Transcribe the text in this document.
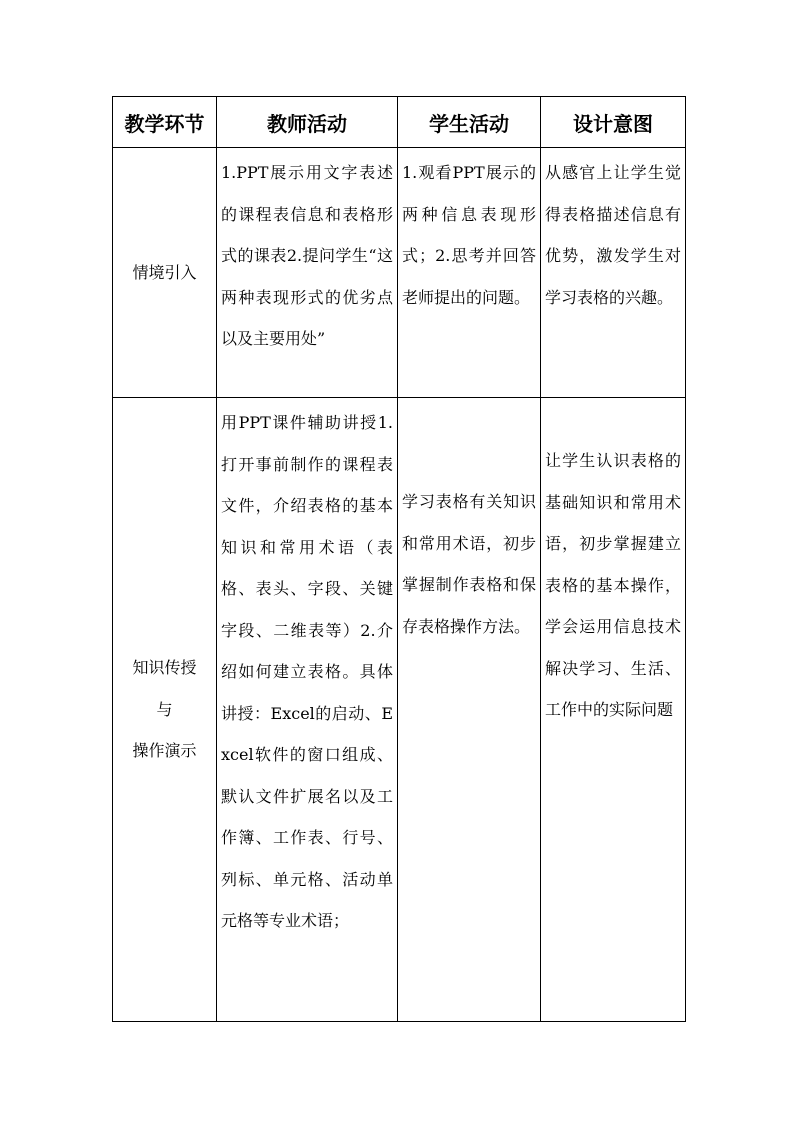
教学环节	教师活动	学生活动	设计意图

情境引入	1.PPT展示用文字表述的课程表信息和表格形式的课表2.提问学生“这两种表现形式的优劣点以及主要用处”	1.观看PPT展示的两种信息表现形式；2.思考并回答老师提出的问题。	从感官上让学生觉得表格描述信息有优势，激发学生对学习表格的兴趣。

知识传授
与
操作演示	用PPT课件辅助讲授1.打开事前制作的课程表文件，介绍表格的基本知识和常用术语（表格、表头、字段、关键字段、二维表等）2.介绍如何建立表格。具体讲授：Excel的启动、Excel软件的窗口组成、默认文件扩展名以及工作簿、工作表、行号、列标、单元格、活动单元格等专业术语；	学习表格有关知识和常用术语，初步掌握制作表格和保存表格操作方法。	让学生认识表格的基础知识和常用术语，初步掌握建立表格的基本操作，学会运用信息技术解决学习、生活、工作中的实际问题
